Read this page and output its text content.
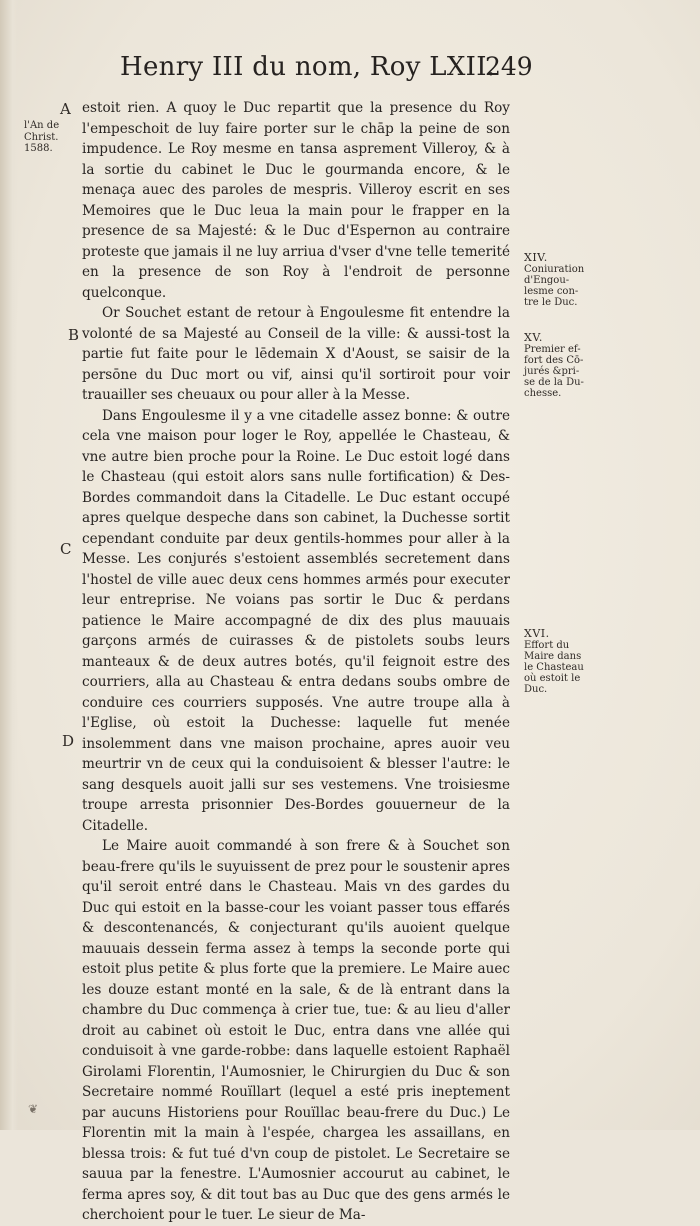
Henry III du nom, Roy LXII.
249
l'An de
Christ.
1588.
A
B
C
D
XIV.
Coniuration
d'Engou-
lesme con-
tre le Duc.
XV.
Premier ef-
fort des Cō-
jurés &pri-
se de la Du-
chesse.
XVI.
Effort du
Maire dans
le Chasteau
où estoit le
Duc.

estoit rien. A quoy le Duc repartit que la presence du Roy l'empeschoit de luy faire porter sur le chāp la peine de son impudence. Le Roy mesme en tansa asprement Villeroy, & à la sortie du cabinet le Duc le gourmanda encore, & le menaça auec des paroles de mespris. Villeroy escrit en ses Memoires que le Duc leua la main pour le frapper en la presence de sa Majesté: & le Duc d'Espernon au contraire proteste que jamais il ne luy arriua d'vser d'vne telle temerité en la presence de son Roy à l'endroit de personne quelconque.

Or Souchet estant de retour à Engoulesme fit entendre la volonté de sa Majesté au Conseil de la ville: & aussi-tost la partie fut faite pour le lēdemain X d'Aoust, se saisir de la persōne du Duc mort ou vif, ainsi qu'il sortiroit pour voir trauailler ses cheuaux ou pour aller à la Messe.

Dans Engoulesme il y a vne citadelle assez bonne: & outre cela vne maison pour loger le Roy, appellée le Chasteau, & vne autre bien proche pour la Roine. Le Duc estoit logé dans le Chasteau (qui estoit alors sans nulle fortification) & Des-Bordes commandoit dans la Citadelle. Le Duc estant occupé apres quelque despeche dans son cabinet, la Duchesse sortit cependant conduite par deux gentils-hommes pour aller à la Messe. Les conjurés s'estoient assemblés secretement dans l'hostel de ville auec deux cens hommes armés pour executer leur entreprise. Ne voians pas sortir le Duc & perdans patience le Maire accompagné de dix des plus mauuais garçons armés de cuirasses & de pistolets soubs leurs manteaux & de deux autres botés, qu'il feignoit estre des courriers, alla au Chasteau & entra dedans soubs ombre de conduire ces courriers supposés. Vne autre troupe alla à l'Eglise, où estoit la Duchesse: laquelle fut menée insolemment dans vne maison prochaine, apres auoir veu meurtrir vn de ceux qui la conduisoient & blesser l'autre: le sang desquels auoit jalli sur ses vestemens. Vne troisiesme troupe arresta prisonnier Des-Bordes gouuerneur de la Citadelle.

Le Maire auoit commandé à son frere & à Souchet son beau-frere qu'ils le suyuissent de prez pour le soustenir apres qu'il seroit entré dans le Chasteau. Mais vn des gardes du Duc qui estoit en la basse-cour les voiant passer tous effarés & descontenancés, & conjecturant qu'ils auoient quelque mauuais dessein ferma assez à temps la seconde porte qui estoit plus petite & plus forte que la premiere. Le Maire auec les douze estant monté en la sale, & de là entrant dans la chambre du Duc commença à crier tue, tue: & au lieu d'aller droit au cabinet où estoit le Duc, entra dans vne allée qui conduisoit à vne garde-robbe: dans laquelle estoient Raphaël Girolami Florentin, l'Aumosnier, le Chirurgien du Duc & son Secretaire nommé Rouïllart (lequel a esté pris ineptement par aucuns Historiens pour Rouïllac beau-frere du Duc.) Le Florentin mit la main à l'espée, chargea les assaillans, en blessa trois: & fut tué d'vn coup de pistolet. Le Secretaire se sauua par la fenestre. L'Aumosnier accourut au cabinet, le ferma apres soy, & dit tout bas au Duc que des gens armés le cherchoient pour le tuer. Le sieur de Ma-

❦
